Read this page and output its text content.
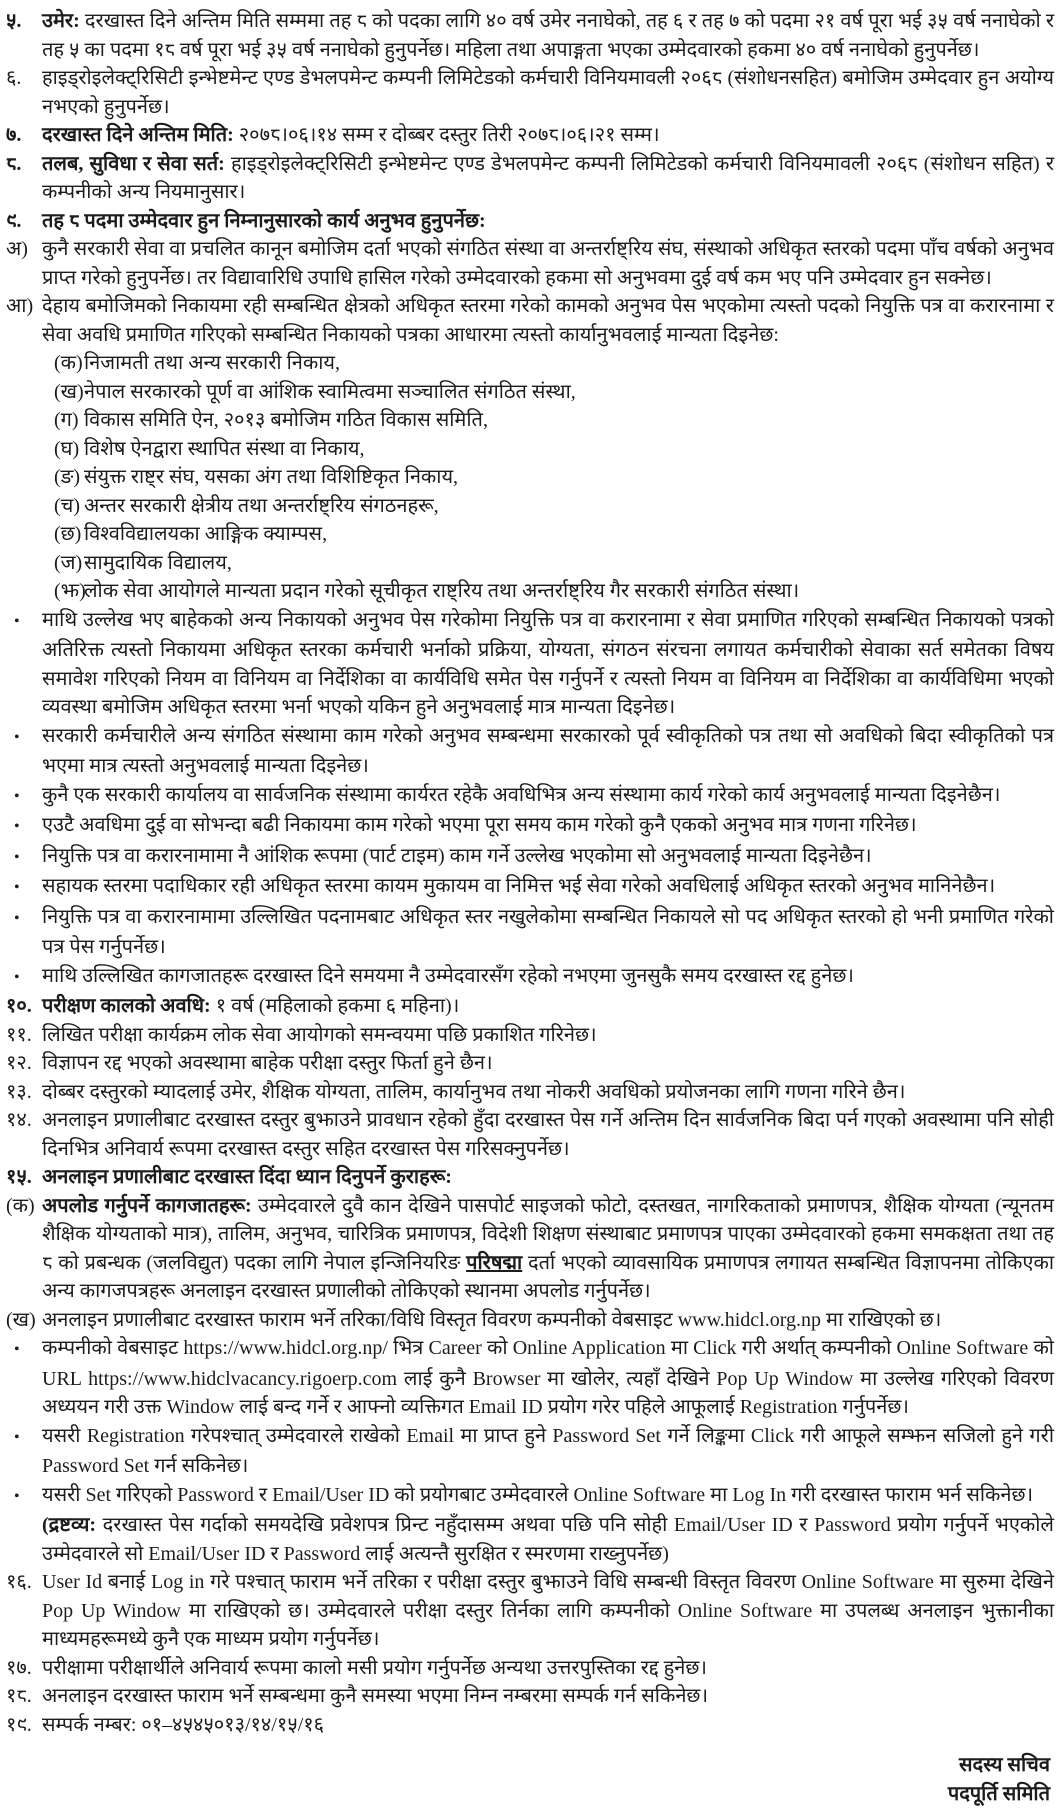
५. उमेर: दरखास्त दिने अन्तिम मिति सम्ममा तह ८ को पदका लागि ४० वर्ष उमेर ननाघेको, तह ६ र तह ७ को पदमा २१ वर्ष पूरा भई ३५ वर्ष ननाघेको र तह ५ का पदमा १८ वर्ष पूरा भई ३५ वर्ष ननाघेको हुनुपर्नेछ। महिला तथा अपाङ्गता भएका उम्मेदवारको हकमा ४० वर्ष ननाघेको हुनुपर्नेछ।
६. हाइड्रोइलेक्ट्रिसिटी इन्भेष्टमेन्ट एण्ड डेभलपमेन्ट कम्पनी लिमिटेडको कर्मचारी विनियमावली २०६८ (संशोधनसहित) बमोजिम उम्मेदवार हुन अयोग्य नभएको हुनुपर्नेछ।
७. दरखास्त दिने अन्तिम मिति: २०७८।०६।१४ सम्म र दोब्बर दस्तुर तिरी २०७८।०६।२१ सम्म।
८. तलब, सुविधा र सेवा सर्त: हाइड्रोइलेक्ट्रिसिटी इन्भेष्टमेन्ट एण्ड डेभलपमेन्ट कम्पनी लिमिटेडको कर्मचारी विनियमावली २०६८ (संशोधन सहित) र कम्पनीको अन्य नियमानुसार।
९. तह ८ पदमा उम्मेदवार हुन निम्नानुसारको कार्य अनुभव हुनुपर्नेछ:
अ) कुनै सरकारी सेवा वा प्रचलित कानून बमोजिम दर्ता भएको संगठित संस्था वा अन्तर्राष्ट्रिय संघ, संस्थाको अधिकृत स्तरको पदमा पाँच वर्षको अनुभव प्राप्त गरेको हुनुपर्नेछ। तर विद्यावारिधि उपाधि हासिल गरेको उम्मेदवारको हकमा सो अनुभवमा दुई वर्ष कम भए पनि उम्मेदवार हुन सक्नेछ।
आ) देहाय बमोजिमको निकायमा रही सम्बन्धित क्षेत्रको अधिकृत स्तरमा गरेको कामको अनुभव पेस भएकोमा त्यस्तो पदको नियुक्ति पत्र वा करारनामा र सेवा अवधि प्रमाणित गरिएको सम्बन्धित निकायको पत्रका आधारमा त्यस्तो कार्यानुभवलाई मान्यता दिइनेछ:
(क)निजामती तथा अन्य सरकारी निकाय,
(ख)नेपाल सरकारको पूर्ण वा आंशिक स्वामित्वमा सञ्चालित संगठित संस्था,
(ग) विकास समिति ऐन, २०१३ बमोजिम गठित विकास समिति,
(घ) विशेष ऐनद्वारा स्थापित संस्था वा निकाय,
(ङ) संयुक्त राष्ट्र संघ, यसका अंग तथा विशिष्टिकृत निकाय,
(च) अन्तर सरकारी क्षेत्रीय तथा अन्तर्राष्ट्रिय संगठनहरू,
(छ) विश्वविद्यालयका आङ्गिक क्याम्पस,
(ज)सामुदायिक विद्यालय,
(झ)लोक सेवा आयोगले मान्यता प्रदान गरेको सूचीकृत राष्ट्रिय तथा अन्तर्राष्ट्रिय गैर सरकारी संगठित संस्था।
• माथि उल्लेख भए बाहेकको अन्य निकायको अनुभव पेस गरेकोमा नियुक्ति पत्र वा करारनामा र सेवा प्रमाणित गरिएको सम्बन्धित निकायको पत्रको अतिरिक्त त्यस्तो निकायमा अधिकृत स्तरका कर्मचारी भर्नाको प्रक्रिया, योग्यता, संगठन संरचना लगायत कर्मचारीको सेवाका सर्त समेतका विषय समावेश गरिएको नियम वा विनियम वा निर्देशिका वा कार्यविधि समेत पेस गर्नुपर्ने र त्यस्तो नियम वा विनियम वा निर्देशिका वा कार्यविधिमा भएको व्यवस्था बमोजिम अधिकृत स्तरमा भर्ना भएको यकिन हुने अनुभवलाई मात्र मान्यता दिइनेछ।
• सरकारी कर्मचारीले अन्य संगठित संस्थामा काम गरेको अनुभव सम्बन्धमा सरकारको पूर्व स्वीकृतिको पत्र तथा सो अवधिको बिदा स्वीकृतिको पत्र भएमा मात्र त्यस्तो अनुभवलाई मान्यता दिइनेछ।
• कुनै एक सरकारी कार्यालय वा सार्वजनिक संस्थामा कार्यरत रहेकै अवधिभित्र अन्य संस्थामा कार्य गरेको कार्य अनुभवलाई मान्यता दिइनेछैन।
• एउटै अवधिमा दुई वा सोभन्दा बढी निकायमा काम गरेको भएमा पूरा समय काम गरेको कुनै एकको अनुभव मात्र गणना गरिनेछ।
• नियुक्ति पत्र वा करारनामामा नै आंशिक रूपमा (पार्ट टाइम) काम गर्ने उल्लेख भएकोमा सो अनुभवलाई मान्यता दिइनेछैन।
• सहायक स्तरमा पदाधिकार रही अधिकृत स्तरमा कायम मुकायम वा निमित्त भई सेवा गरेको अवधिलाई अधिकृत स्तरको अनुभव मानिनेछैन।
• नियुक्ति पत्र वा करारनामामा उल्लिखित पदनामबाट अधिकृत स्तर नखुलेकोमा सम्बन्धित निकायले सो पद अधिकृत स्तरको हो भनी प्रमाणित गरेको पत्र पेस गर्नुपर्नेछ।
• माथि उल्लिखित कागजातहरू दरखास्त दिने समयमा नै उम्मेदवारसँग रहेको नभएमा जुनसुकै समय दरखास्त रद्द हुनेछ।
१०. परीक्षण कालको अवधि: १ वर्ष (महिलाको हकमा ६ महिना)।
११. लिखित परीक्षा कार्यक्रम लोक सेवा आयोगको समन्वयमा पछि प्रकाशित गरिनेछ।
१२. विज्ञापन रद्द भएको अवस्थामा बाहेक परीक्षा दस्तुर फिर्ता हुने छैन।
१३. दोब्बर दस्तुरको म्यादलाई उमेर, शैक्षिक योग्यता, तालिम, कार्यानुभव तथा नोकरी अवधिको प्रयोजनका लागि गणना गरिने छैन।
१४. अनलाइन प्रणालीबाट दरखास्त दस्तुर बुझाउने प्रावधान रहेको हुँदा दरखास्त पेस गर्ने अन्तिम दिन सार्वजनिक बिदा पर्न गएको अवस्थामा पनि सोही दिनभित्र अनिवार्य रूपमा दरखास्त दस्तुर सहित दरखास्त पेस गरिसक्नुपर्नेछ।
१५. अनलाइन प्रणालीबाट दरखास्त दिंदा ध्यान दिनुपर्ने कुराहरू:
(क) अपलोड गर्नुपर्ने कागजातहरू: उम्मेदवारले दुवै कान देखिने पासपोर्ट साइजको फोटो, दस्तखत, नागरिकताको प्रमाणपत्र, शैक्षिक योग्यता (न्यूनतम शैक्षिक योग्यताको मात्र), तालिम, अनुभव, चारित्रिक प्रमाणपत्र, विदेशी शिक्षण संस्थाबाट प्रमाणपत्र पाएका उम्मेदवारको हकमा समकक्षता तथा तह ८ को प्रबन्धक (जलविद्युत) पदका लागि नेपाल इन्जिनियरिङ परिषद्मा दर्ता भएको व्यावसायिक प्रमाणपत्र लगायत सम्बन्धित विज्ञापनमा तोकिएका अन्य कागजपत्रहरू अनलाइन दरखास्त प्रणालीको तोकिएको स्थानमा अपलोड गर्नुपर्नेछ।
(ख) अनलाइन प्रणालीबाट दरखास्त फाराम भर्ने तरिका/विधि विस्तृत विवरण कम्पनीको वेबसाइट www.hidcl.org.np मा राखिएको छ।
• कम्पनीको वेबसाइट https://www.hidcl.org.np/ भित्र Career को Online Application मा Click गरी अर्थात् कम्पनीको Online Software को URL https://www.hidclvacancy.rigoerp.com लाई कुनै Browser मा खोलेर, त्यहाँ देखिने Pop Up Window मा उल्लेख गरिएको विवरण अध्ययन गरी उक्त Window लाई बन्द गर्ने र आफ्नो व्यक्तिगत Email ID प्रयोग गरेर पहिले आफूलाई Registration गर्नुपर्नेछ।
• यसरी Registration गरेपश्चात् उम्मेदवारले राखेको Email मा प्राप्त हुने Password Set गर्ने लिङ्कमा Click गरी आफूले सम्झन सजिलो हुने गरी Password Set गर्न सकिनेछ।
• यसरी Set गरिएको Password र Email/User ID को प्रयोगबाट उम्मेदवारले Online Software मा Log In गरी दरखास्त फाराम भर्न सकिनेछ।
(द्रष्टव्य: दरखास्त पेस गर्दाको समयदेखि प्रवेशपत्र प्रिन्ट नहुँदासम्म अथवा पछि पनि सोही Email/User ID र Password प्रयोग गर्नुपर्ने भएकोले उम्मेदवारले सो Email/User ID र Password लाई अत्यन्तै सुरक्षित र स्मरणमा राख्नुपर्नेछ)
१६. User Id बनाई Log in गरे पश्चात् फाराम भर्ने तरिका र परीक्षा दस्तुर बुझाउने विधि सम्बन्धी विस्तृत विवरण Online Software मा सुरुमा देखिने Pop Up Window मा राखिएको छ। उम्मेदवारले परीक्षा दस्तुर तिर्नका लागि कम्पनीको Online Software मा उपलब्ध अनलाइन भुक्तानीका माध्यमहरूमध्ये कुनै एक माध्यम प्रयोग गर्नुपर्नेछ।
१७. परीक्षामा परीक्षार्थीले अनिवार्य रूपमा कालो मसी प्रयोग गर्नुपर्नेछ अन्यथा उत्तरपुस्तिका रद्द हुनेछ।
१८. अनलाइन दरखास्त फाराम भर्ने सम्बन्धमा कुनै समस्या भएमा निम्न नम्बरमा सम्पर्क गर्न सकिनेछ।
१९. सम्पर्क नम्बर: ०१–४५४५०१३/१४/१५/१६
सदस्य सचिव
पदपूर्ति समिति
